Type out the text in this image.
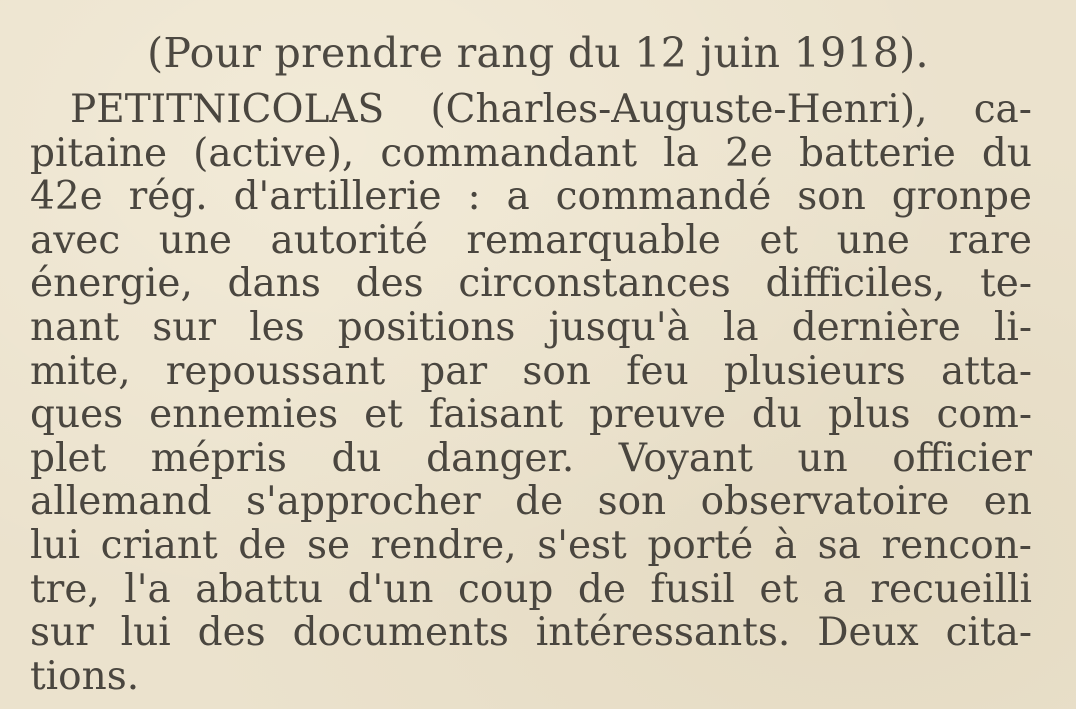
(Pour prendre rang du 12 juin 1918).
PETITNICOLAS (Charles-Auguste-Henri), ca-
pitaine (active), commandant la 2e batterie du
42e rég. d'artillerie : a commandé son gronpe
avec une autorité remarquable et une rare
énergie, dans des circonstances difficiles, te-
nant sur les positions jusqu'à la dernière li-
mite, repoussant par son feu plusieurs atta-
ques ennemies et faisant preuve du plus com-
plet mépris du danger. Voyant un officier
allemand s'approcher de son observatoire en
lui criant de se rendre, s'est porté à sa rencon-
tre, l'a abattu d'un coup de fusil et a recueilli
sur lui des documents intéressants. Deux cita-
tions.
